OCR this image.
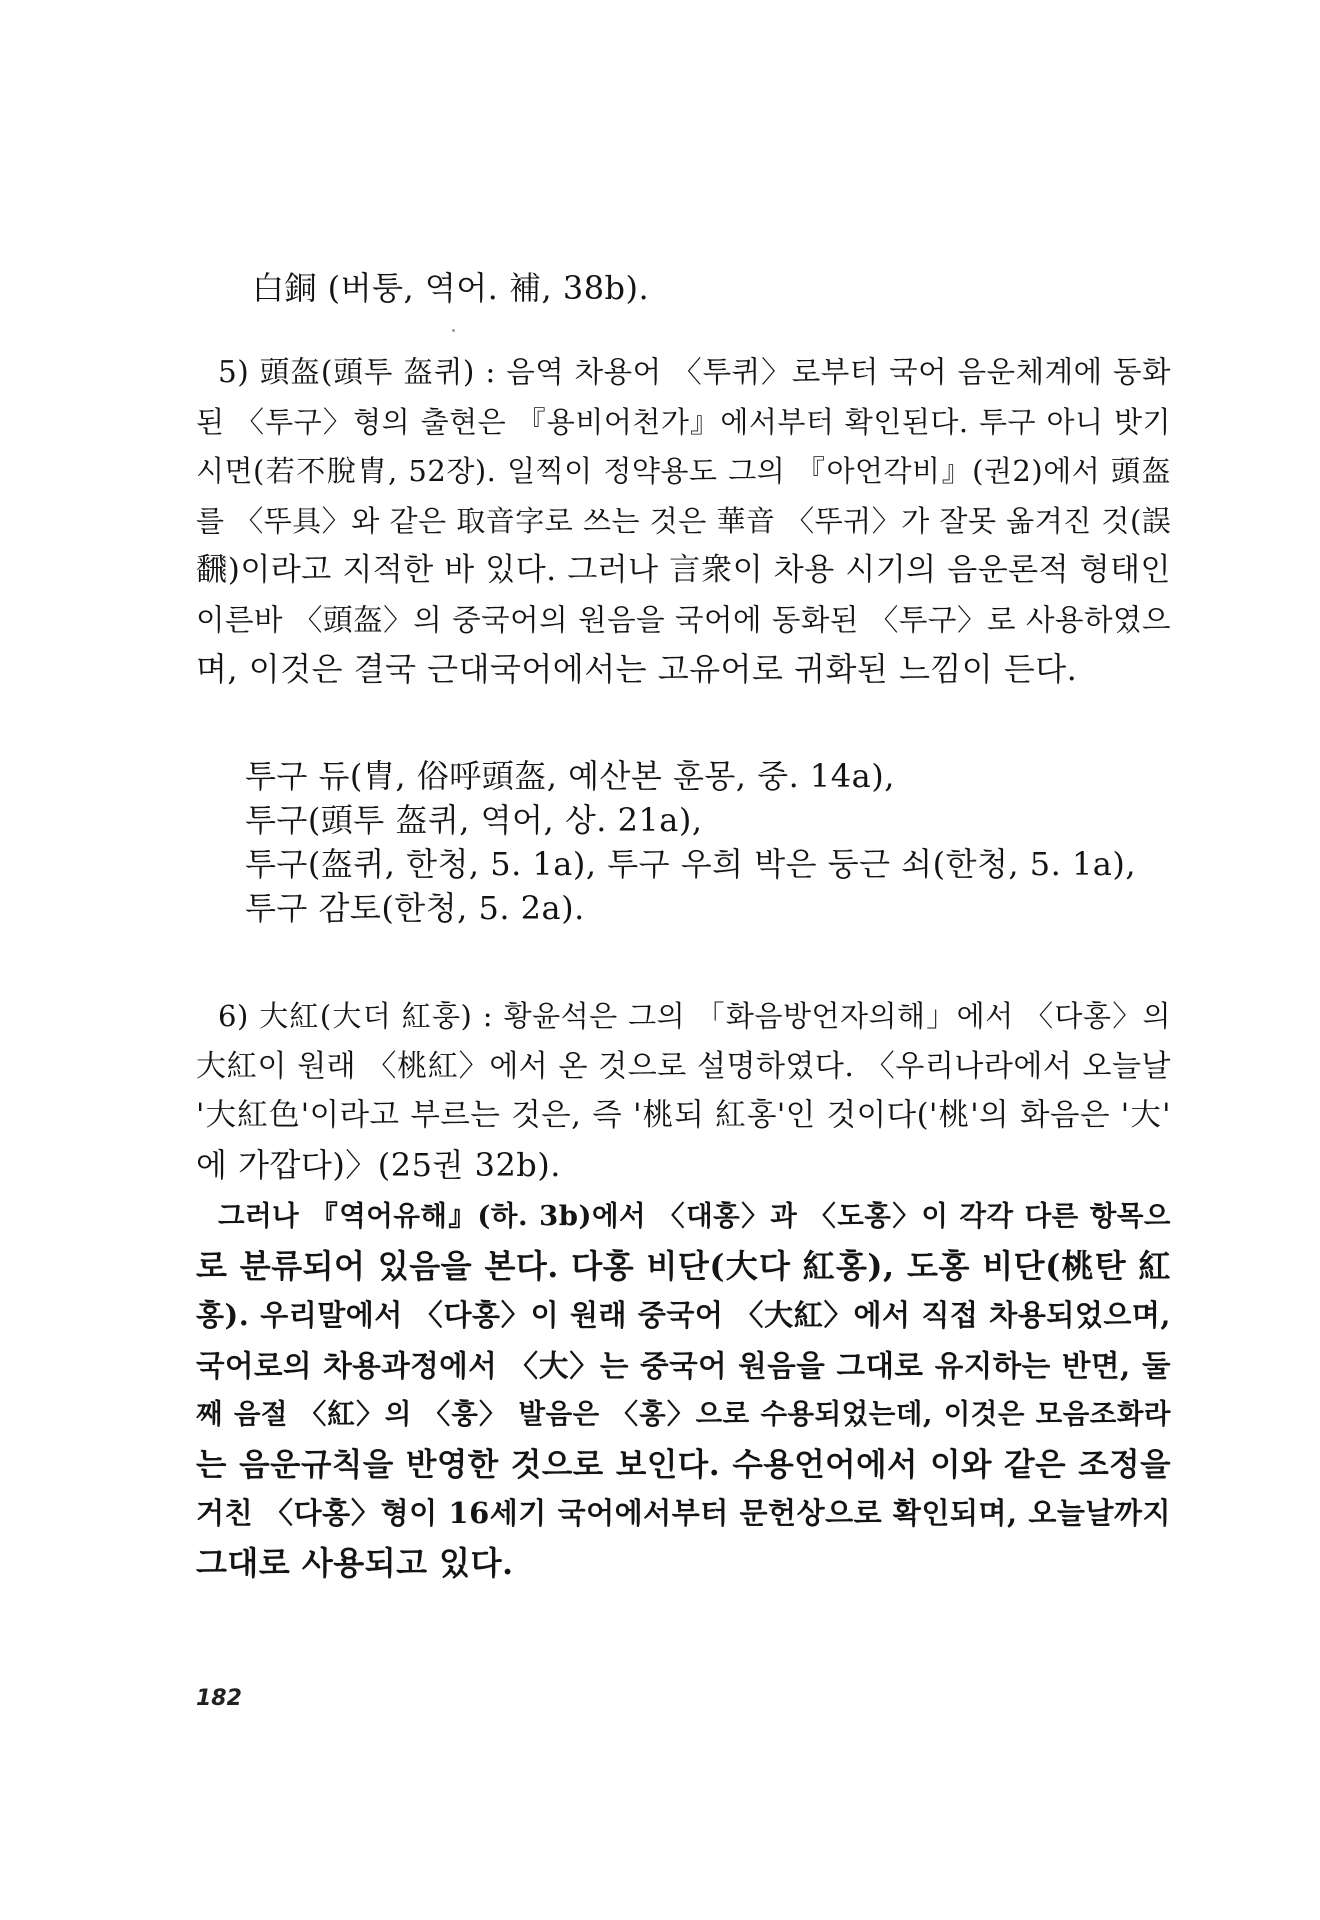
白銅 (버퉁, 역어. 補, 38b).
5) 頭盔(頭투 盔퀴) : 음역 차용어 〈투퀴〉로부터 국어 음운체계에 동화
된 〈투구〉형의 출현은 『용비어천가』에서부터 확인된다. 투구 아니 밧기
시면(若不脫胄, 52장). 일찍이 정약용도 그의 『아언각비』(권2)에서 頭盔
를 〈뚜具〉와 같은 取音字로 쓰는 것은 華音 〈뚜귀〉가 잘못 옮겨진 것(誤
飜)이라고 지적한 바 있다. 그러나 言衆이 차용 시기의 음운론적 형태인
이른바 〈頭盔〉의 중국어의 원음을 국어에 동화된 〈투구〉로 사용하였으
며, 이것은 결국 근대국어에서는 고유어로 귀화된 느낌이 든다.
투구 듀(胄, 俗呼頭盔, 예산본 훈몽, 중. 14a),
투구(頭투 盔퀴, 역어, 상. 21a),
투구(盔퀴, 한청, 5. 1a), 투구 우희 박은 둥근 쇠(한청, 5. 1a),
투구 감토(한청, 5. 2a).
6) 大紅(大더 紅훙) : 황윤석은 그의 「화음방언자의해」에서 〈다홍〉의
大紅이 원래 〈桃紅〉에서 온 것으로 설명하였다. 〈우리나라에서 오늘날
'大紅色'이라고 부르는 것은, 즉 '桃되 紅홍'인 것이다('桃'의 화음은 '大'
에 가깝다)〉(25권 32b).
그러나 『역어유해』(하. 3b)에서 〈대홍〉과 〈도홍〉이 각각 다른 항목으
로 분류되어 있음을 본다. 다홍 비단(大다 紅홍), 도홍 비단(桃탄 紅
홍). 우리말에서 〈다홍〉이 원래 중국어 〈大紅〉에서 직접 차용되었으며,
국어로의 차용과정에서 〈大〉는 중국어 원음을 그대로 유지하는 반면, 둘
째 음절 〈紅〉의 〈훙〉 발음은 〈홍〉으로 수용되었는데, 이것은 모음조화라
는 음운규칙을 반영한 것으로 보인다. 수용언어에서 이와 같은 조정을
거친 〈다홍〉형이 16세기 국어에서부터 문헌상으로 확인되며, 오늘날까지
그대로 사용되고 있다.
182
